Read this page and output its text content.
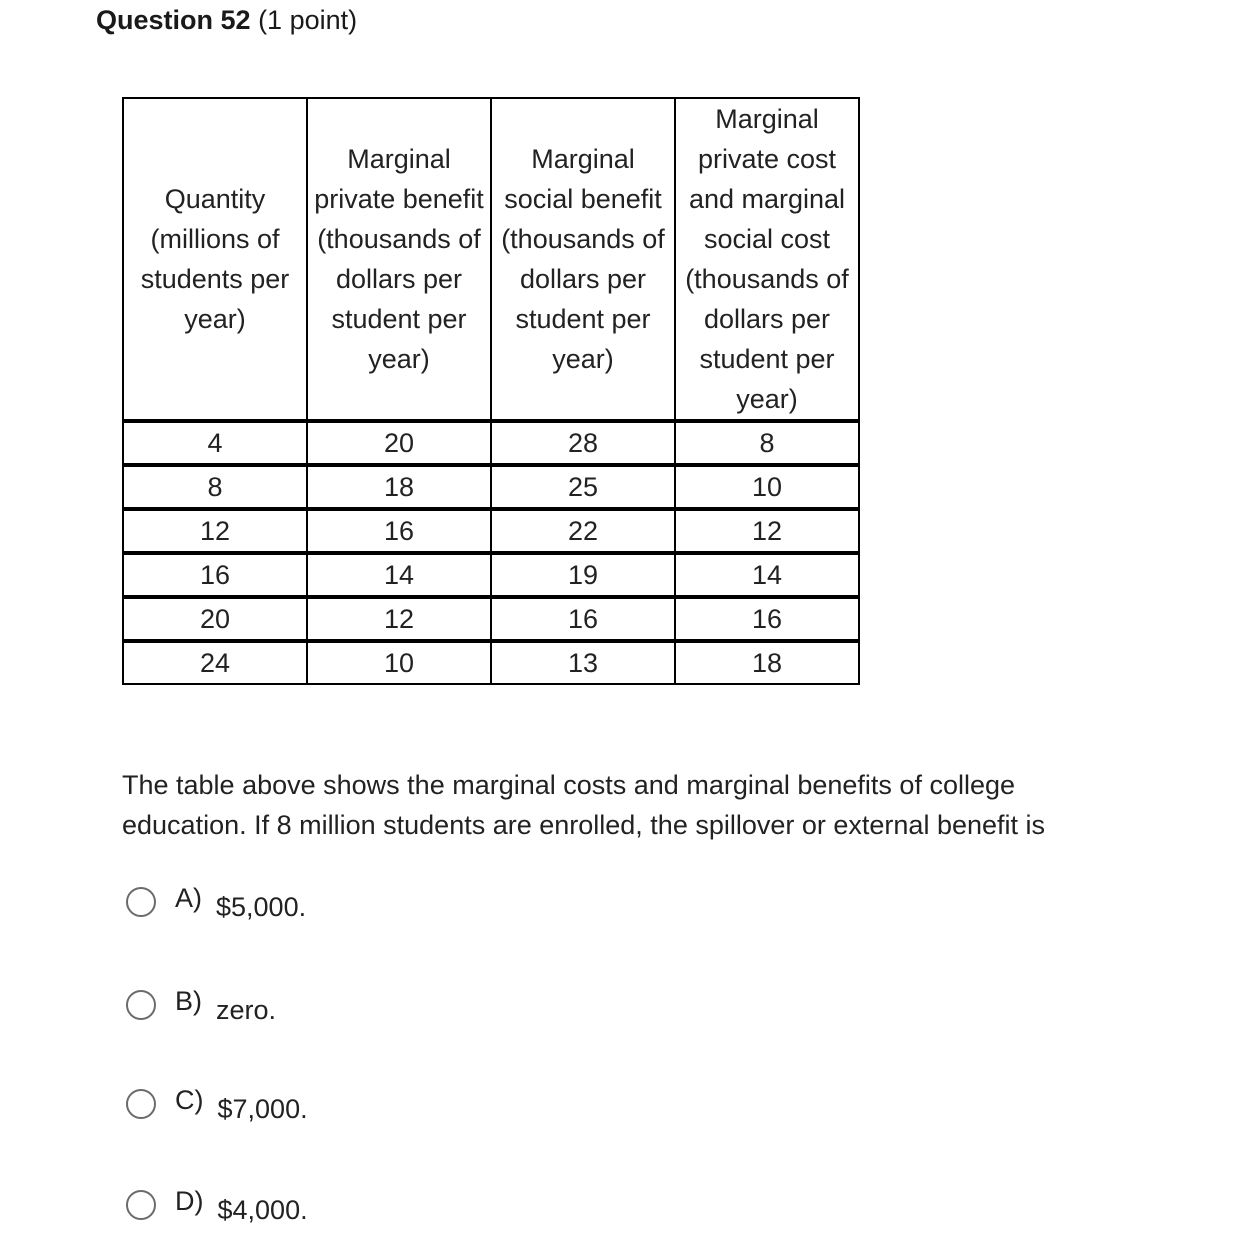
Question 52 (1 point)
Quantity (millions of students per year)	Marginal private benefit (thousands of dollars per student per year)	Marginal social benefit (thousands of dollars per student per year)	Marginal private cost and marginal social cost (thousands of dollars per student per year)
4	20	28	8
8	18	25	10
12	16	22	12
16	14	19	14
20	12	16	16
24	10	13	18
The table above shows the marginal costs and marginal benefits of college education. If 8 million students are enrolled, the spillover or external benefit is
A) $5,000.
B) zero.
C) $7,000.
D) $4,000.
